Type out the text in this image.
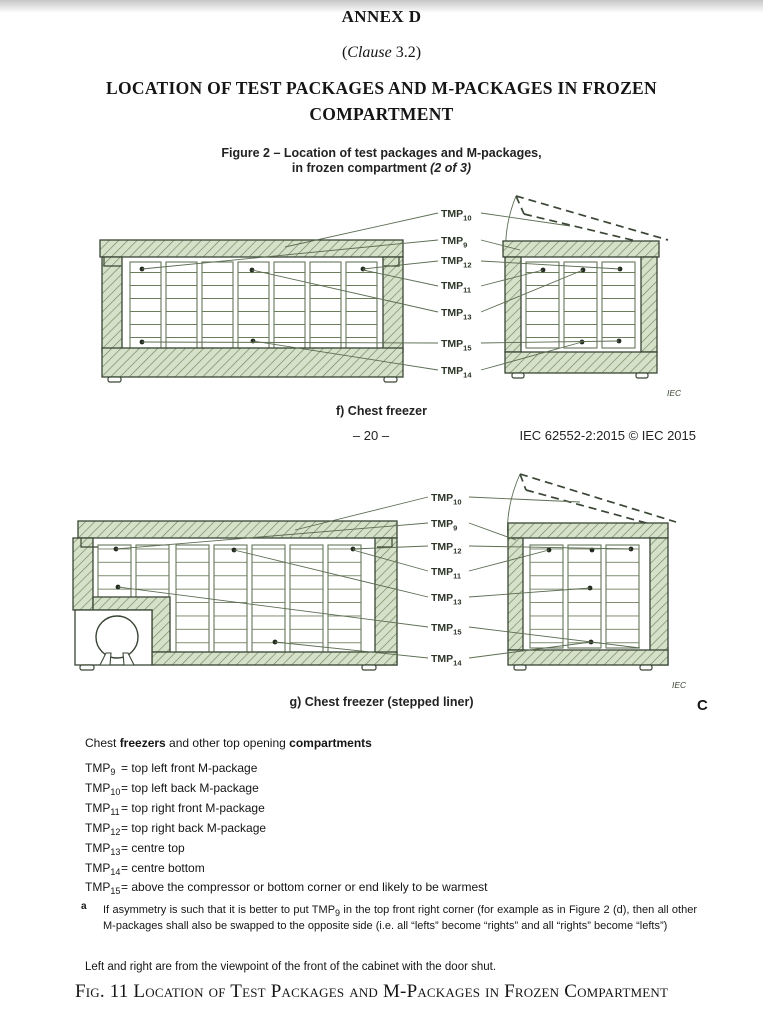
ANNEX D
(Clause 3.2)
LOCATION OF TEST PACKAGES AND M-PACKAGES IN FROZEN
COMPARTMENT
Figure 2 – Location of test packages and M-packages,
in frozen compartment (2 of 3)
$TMP_{10}$
$TMP_9$
$TMP_{12}$
$TMP_{11}$
$TMP_{13}$
$TMP_{15}$
$TMP_{14}$
IEC
f) Chest freezer
– 20 –	IEC 62552-2:2015 © IEC 2015
$TMP_{10}$
$TMP_9$
$TMP_{12}$
$TMP_{11}$
$TMP_{13}$
$TMP_{15}$
$TMP_{14}$
IEC
g) Chest freezer (stepped liner)	C
Chest freezers and other top opening compartments
$TMP_9$ = top left front M-package
$TMP_{10}=$ top left back M-package
$TMP_{11}=$ top right front M-package
$TMP_{12}=$ top right back M-package
$TMP_{13}=$ centre top
$TMP_{14}=$ centre bottom
$TMP_{15}=$ above the compressor or bottom corner or end likely to be warmest
a If asymmetry is such that it is better to put $TMP_9$ in the top front right corner (for example as in Figure 2 (d), then all other M-packages shall also be swapped to the opposite side (i.e. all “lefts” become “rights” and all “rights” become “lefts”)
Left and right are from the viewpoint of the front of the cabinet with the door shut.
Fig. 11 Location of Test Packages and M-Packages in Frozen Compartment
